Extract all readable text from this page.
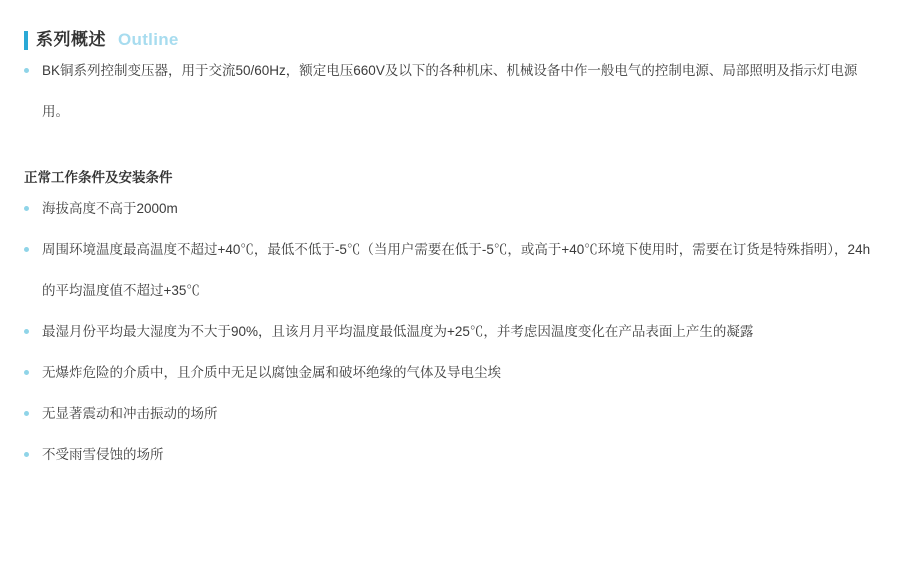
系列概述 Outline
BK铜系列控制变压器，用于交流50/60Hz，额定电压660V及以下的各种机床、机械设备中作一般电气的控制电源、局部照明及指示灯电源用。
正常工作条件及安装条件
海拔高度不高于2000m
周围环境温度最高温度不超过+40℃，最低不低于-5℃（当用户需要在低于-5℃，或高于+40℃环境下使用时，需要在订货是特殊指明），24h的平均温度值不超过+35℃
最湿月份平均最大湿度为不大于90%，且该月月平均温度最低温度为+25℃，并考虑因温度变化在产品表面上产生的凝露
无爆炸危险的介质中，且介质中无足以腐蚀金属和破坏绝缘的气体及导电尘埃
无显著震动和冲击振动的场所
不受雨雪侵蚀的场所
